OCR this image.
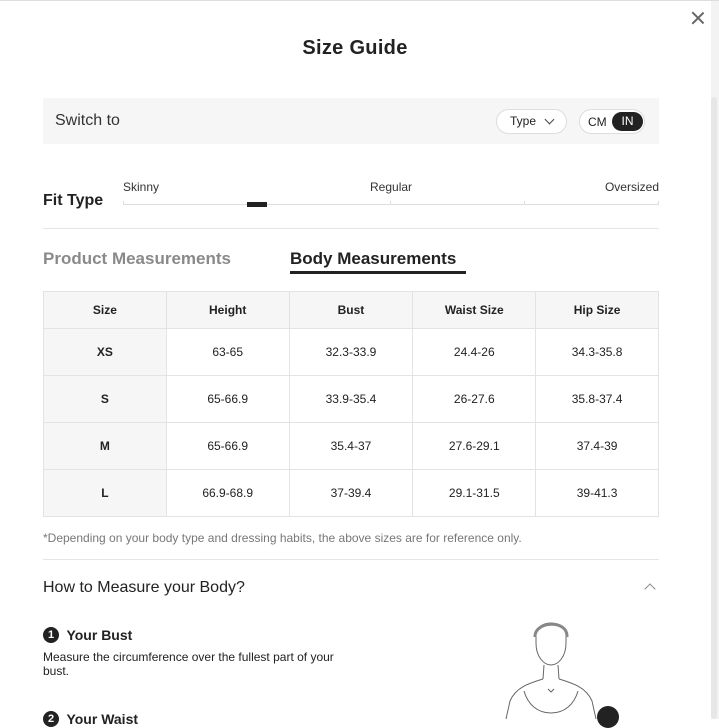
Size Guide
Switch to	Type	CM	IN
Fit Type
Skinny	Regular	Oversized
Product Measurements	Body Measurements
Size	Height	Bust	Waist Size	Hip Size
XS	63-65	32.3-33.9	24.4-26	34.3-35.8
S	65-66.9	33.9-35.4	26-27.6	35.8-37.4
M	65-66.9	35.4-37	27.6-29.1	37.4-39
L	66.9-68.9	37-39.4	29.1-31.5	39-41.3
*Depending on your body type and dressing habits, the above sizes are for reference only.
How to Measure your Body?
1 Your Bust
Measure the circumference over the fullest part of your bust.
2 Your Waist
